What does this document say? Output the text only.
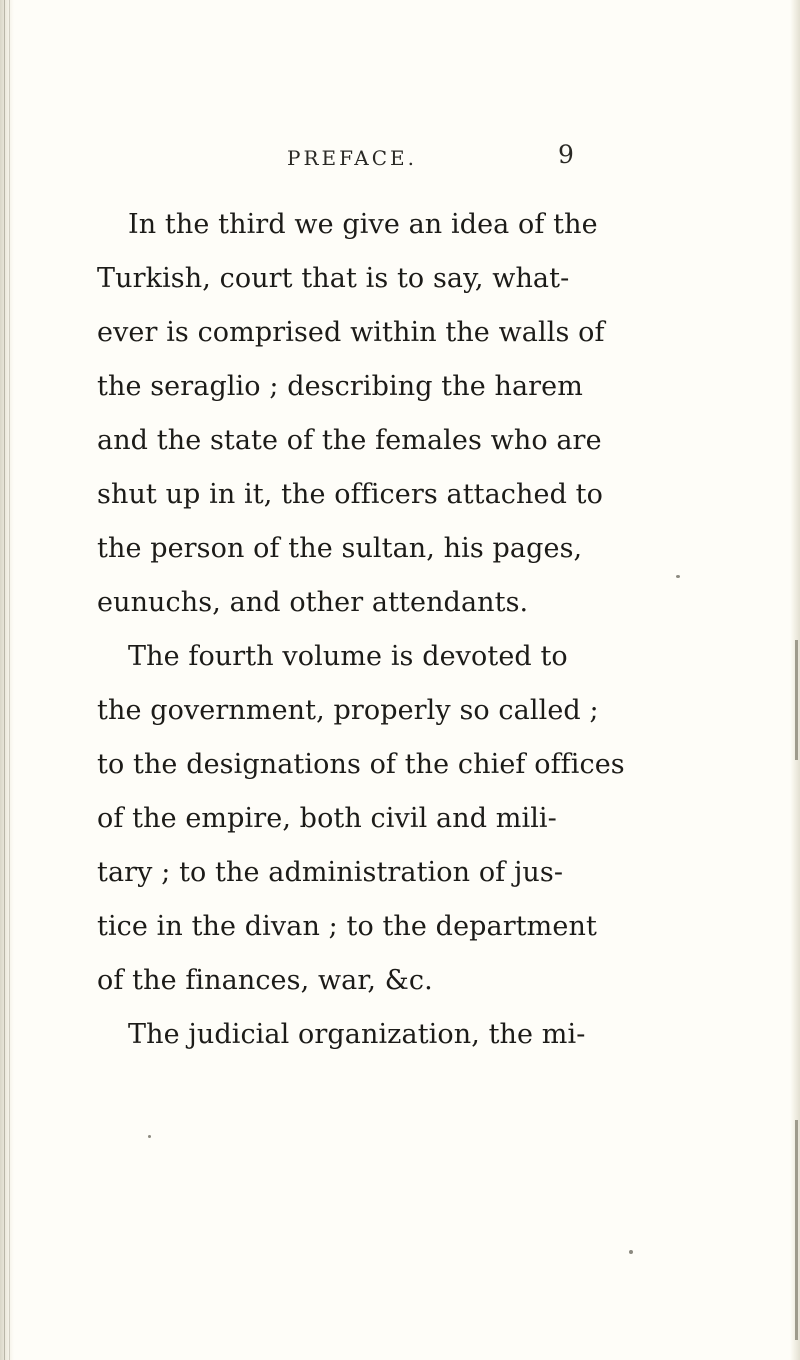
PREFACE.	9
In the third we give an idea of the
Turkish, court that is to say, what-
ever is comprised within the walls of
the seraglio ; describing the harem
and the state of the females who are
shut up in it, the officers attached to
the person of the sultan, his pages,
eunuchs, and other attendants.
The fourth volume is devoted to
the government, properly so called ;
to the designations of the chief offices
of the empire, both civil and mili-
tary ; to the administration of jus-
tice in the divan ; to the department
of the finances, war, &c.
The judicial organization, the mi-
